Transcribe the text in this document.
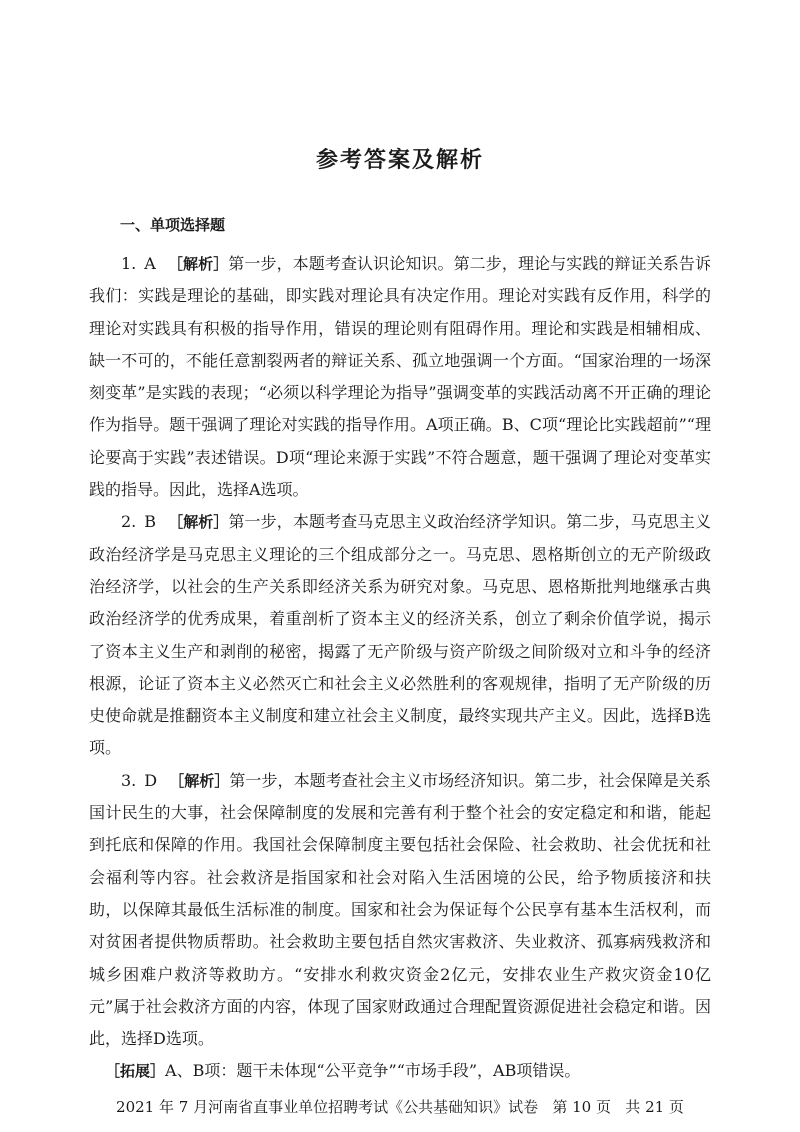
参考答案及解析
一、单项选择题

1. A ［解析］第一步，本题考查认识论知识。第二步，理论与实践的辩证关系告诉我们：实践是理论的基础，即实践对理论具有决定作用。理论对实践有反作用，科学的理论对实践具有积极的指导作用，错误的理论则有阻碍作用。理论和实践是相辅相成、缺一不可的，不能任意割裂两者的辩证关系、孤立地强调一个方面。“国家治理的一场深刻变革”是实践的表现；“必须以科学理论为指导”强调变革的实践活动离不开正确的理论作为指导。题干强调了理论对实践的指导作用。A项正确。B、C项“理论比实践超前”“理论要高于实践”表述错误。D项“理论来源于实践”不符合题意，题干强调了理论对变革实践的指导。因此，选择A选项。

2. B ［解析］第一步，本题考查马克思主义政治经济学知识。第二步，马克思主义政治经济学是马克思主义理论的三个组成部分之一。马克思、恩格斯创立的无产阶级政治经济学，以社会的生产关系即经济关系为研究对象。马克思、恩格斯批判地继承古典政治经济学的优秀成果，着重剖析了资本主义的经济关系，创立了剩余价值学说，揭示了资本主义生产和剥削的秘密，揭露了无产阶级与资产阶级之间阶级对立和斗争的经济根源，论证了资本主义必然灭亡和社会主义必然胜利的客观规律，指明了无产阶级的历史使命就是推翻资本主义制度和建立社会主义制度，最终实现共产主义。因此，选择B选项。

3. D ［解析］第一步，本题考查社会主义市场经济知识。第二步，社会保障是关系国计民生的大事，社会保障制度的发展和完善有利于整个社会的安定稳定和和谐，能起到托底和保障的作用。我国社会保障制度主要包括社会保险、社会救助、社会优抚和社会福利等内容。社会救济是指国家和社会对陷入生活困境的公民，给予物质接济和扶助，以保障其最低生活标准的制度。国家和社会为保证每个公民享有基本生活权利，而对贫困者提供物质帮助。社会救助主要包括自然灾害救济、失业救济、孤寡病残救济和城乡困难户救济等救助方。“安排水利救灾资金2亿元，安排农业生产救灾资金10亿元”属于社会救济方面的内容，体现了国家财政通过合理配置资源促进社会稳定和谐。因此，选择D选项。

［拓展］A、B项：题干未体现“公平竞争”“市场手段”，AB项错误。

2021 年 7 月河南省直事业单位招聘考试《公共基础知识》试卷   第 10 页   共 21 页
